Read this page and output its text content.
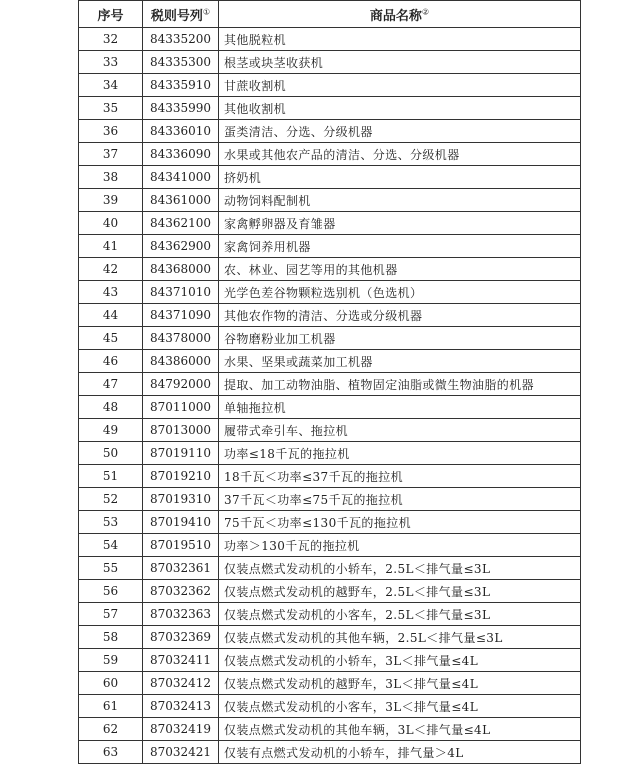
序号	税则号列①	商品名称②
32	84335200	其他脱粒机
33	84335300	根茎或块茎收获机
34	84335910	甘蔗收割机
35	84335990	其他收割机
36	84336010	蛋类清洁、分选、分级机器
37	84336090	水果或其他农产品的清洁、分选、分级机器
38	84341000	挤奶机
39	84361000	动物饲料配制机
40	84362100	家禽孵卵器及育雏器
41	84362900	家禽饲养用机器
42	84368000	农、林业、园艺等用的其他机器
43	84371010	光学色差谷物颗粒选别机（色选机）
44	84371090	其他农作物的清洁、分选或分级机器
45	84378000	谷物磨粉业加工机器
46	84386000	水果、坚果或蔬菜加工机器
47	84792000	提取、加工动物油脂、植物固定油脂或微生物油脂的机器
48	87011000	单轴拖拉机
49	87013000	履带式牵引车、拖拉机
50	87019110	功率≤18千瓦的拖拉机
51	87019210	18千瓦＜功率≤37千瓦的拖拉机
52	87019310	37千瓦＜功率≤75千瓦的拖拉机
53	87019410	75千瓦＜功率≤130千瓦的拖拉机
54	87019510	功率＞130千瓦的拖拉机
55	87032361	仅装点燃式发动机的小轿车，2.5L＜排气量≤3L
56	87032362	仅装点燃式发动机的越野车，2.5L＜排气量≤3L
57	87032363	仅装点燃式发动机的小客车，2.5L＜排气量≤3L
58	87032369	仅装点燃式发动机的其他车辆，2.5L＜排气量≤3L
59	87032411	仅装点燃式发动机的小轿车，3L＜排气量≤4L
60	87032412	仅装点燃式发动机的越野车，3L＜排气量≤4L
61	87032413	仅装点燃式发动机的小客车，3L＜排气量≤4L
62	87032419	仅装点燃式发动机的其他车辆，3L＜排气量≤4L
63	87032421	仅装有点燃式发动机的小轿车，排气量＞4L
